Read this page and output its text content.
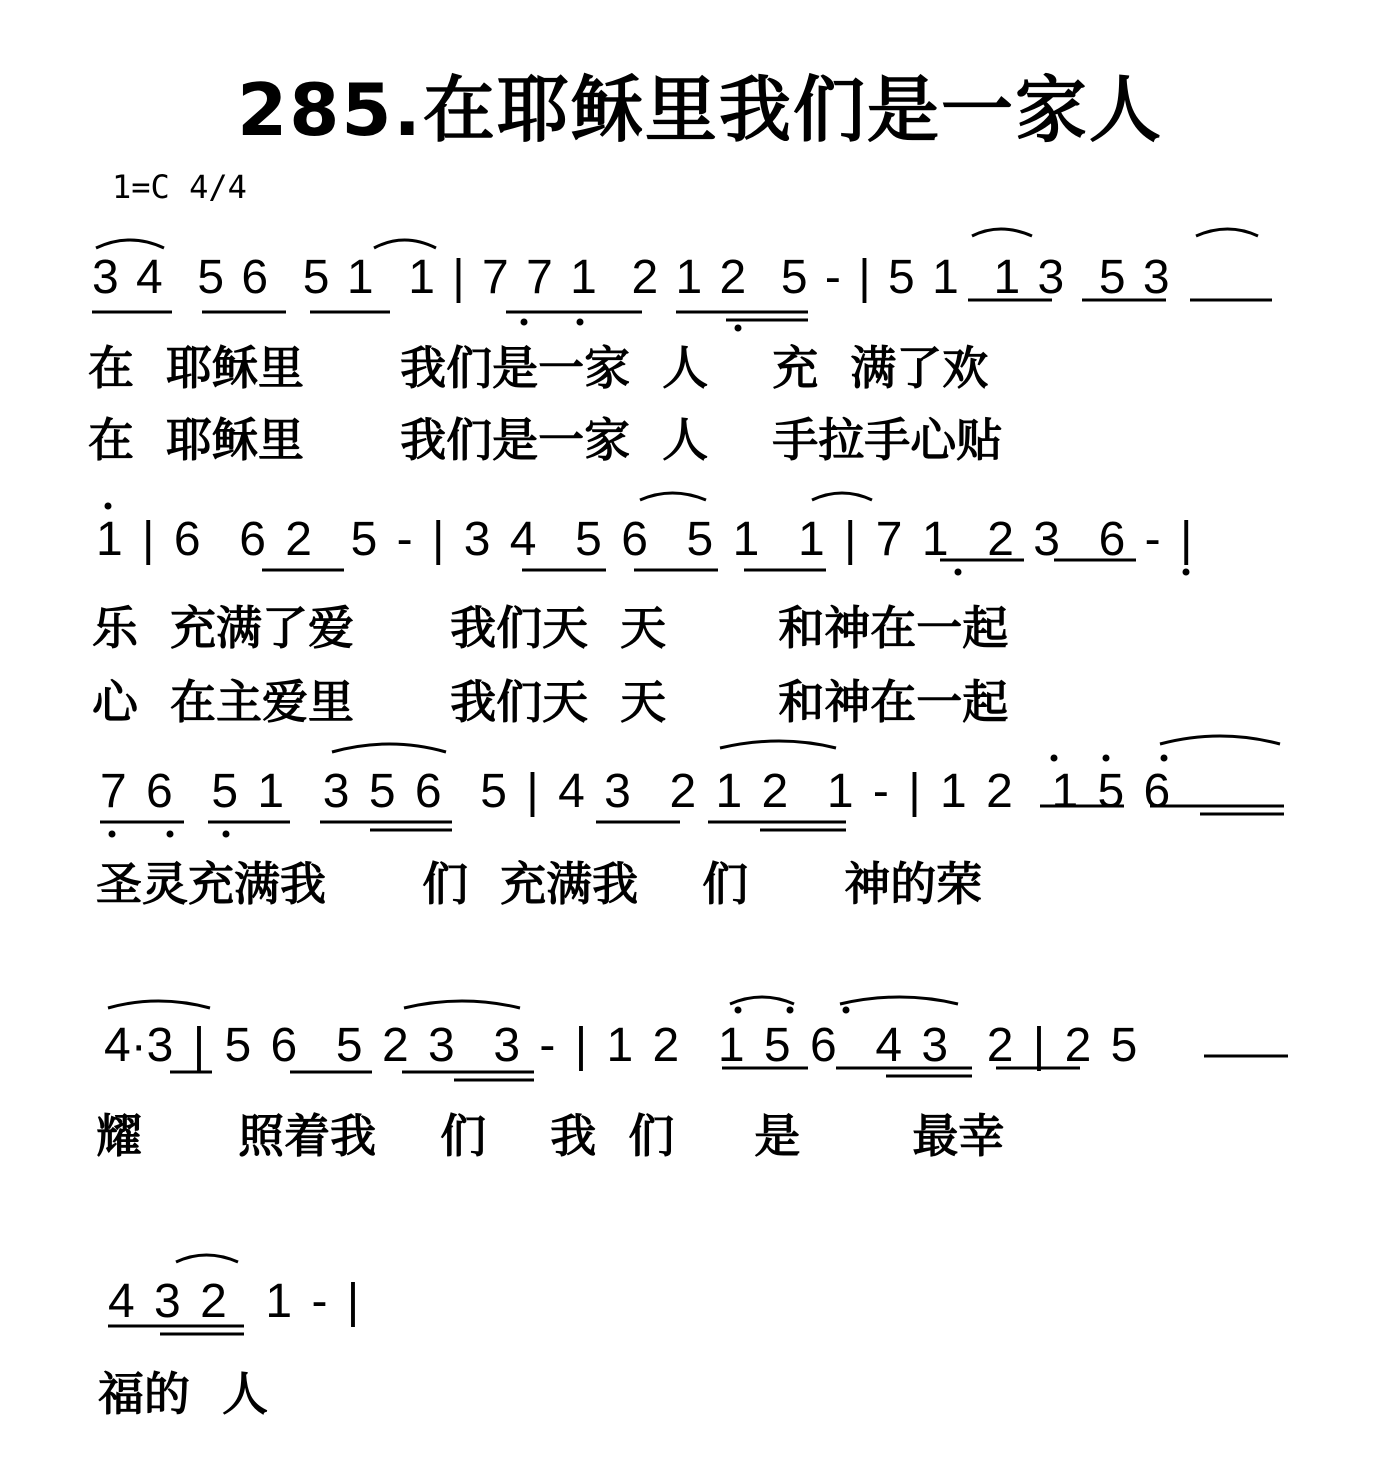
285.在耶稣里我们是一家人
1=C 4/4
3 4  5 6  5 1  1 | 7 7 1  2 1 2  5 - | 5 1  1 3  5 3
在  耶稣里      我们是一家  人    充  满了欢
在  耶稣里      我们是一家  人    手拉手心贴
1 | 6  6 2  5 - | 3 4  5 6  5 1  1 | 7 1  2 3  6 - |
乐  充满了爱      我们天  天       和神在一起
心  在主爱里      我们天  天       和神在一起
7 6  5 1  3 5 6  5 | 4 3  2 1 2  1 - | 1 2  1 5 6
圣灵充满我      们  充满我    们      神的荣
4·3 | 5 6  5 2 3  3 - | 1 2  1 5 6  4 3  2 | 2 5
耀      照着我    们    我  们     是       最幸
4 3 2  1 - |
福的  人
